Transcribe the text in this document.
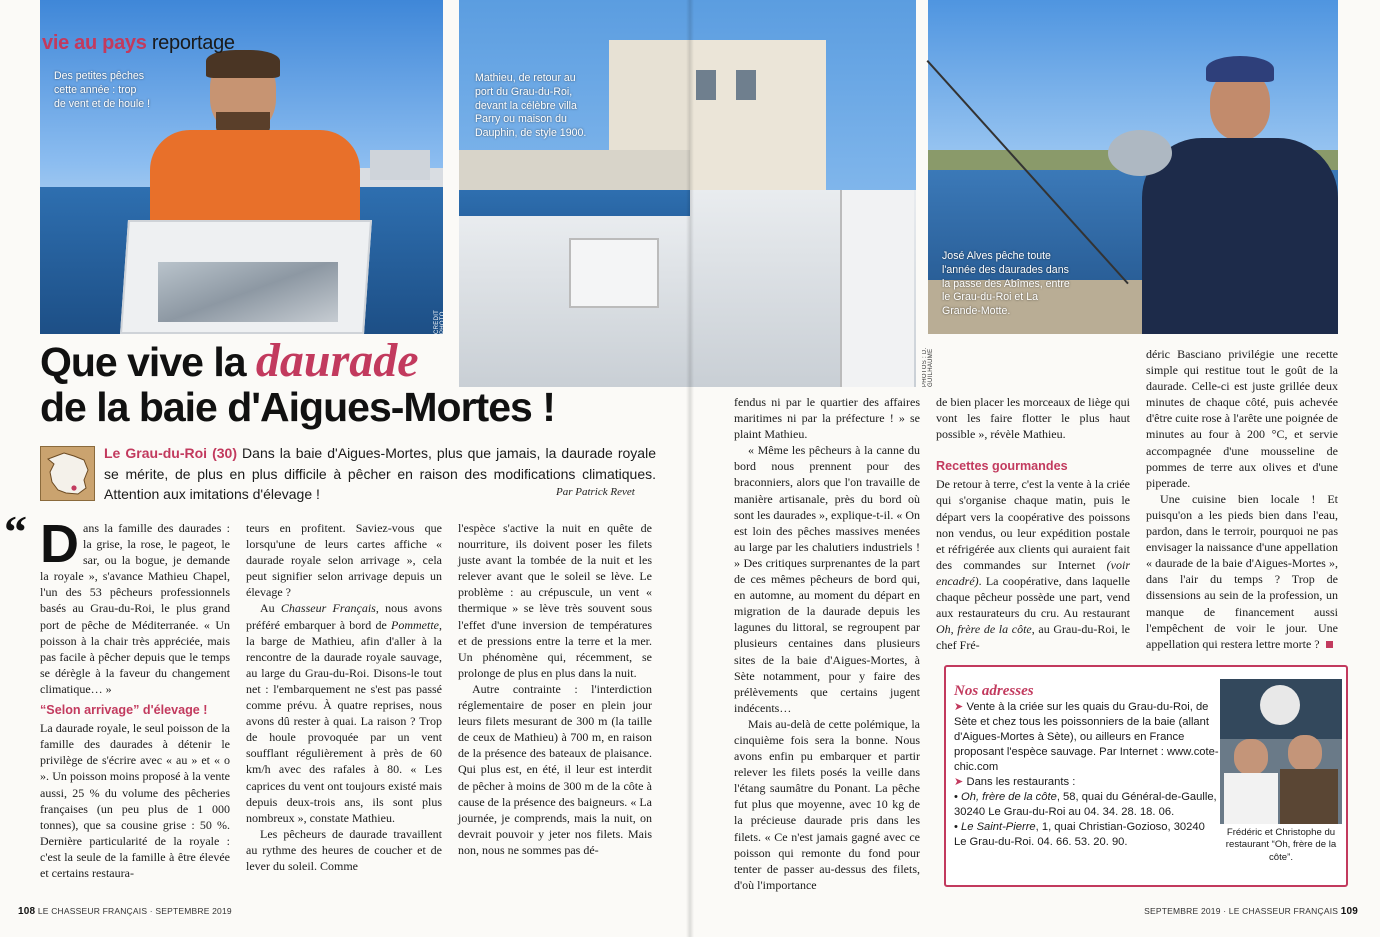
Des petites pêches cette année : trop de vent et de houle !
CRÉDIT PHOTO
Mathieu, de retour au port du Grau-du-Roi, devant la célèbre villa Parry ou maison du Dauphin, de style 1900.
vie au pays reportage
Que vive la daurade
de la baie d'Aigues-Mortes !
Le Grau-du-Roi (30) Dans la baie d'Aigues-Mortes, plus que jamais, la daurade royale se mérite, de plus en plus difficile à pêcher en raison des modifications climatiques. Attention aux imitations d'élevage !	Par Patrick Revet
“ Dans la famille des daurades : la grise, la rose, le pageot, le sar, ou la bogue, je demande la royale », s'avance Mathieu Chapel, l'un des 53 pêcheurs professionnels basés au Grau-du-Roi, le plus grand port de pêche de Méditerranée. « Un poisson à la chair très appréciée, mais pas facile à pêcher depuis que le temps se dérègle à la faveur du changement climatique… »

“Selon arrivage” d'élevage !

La daurade royale, le seul poisson de la famille des daurades à détenir le privilège de s'écrire avec « au » et « o ». Un poisson moins proposé à la vente aussi, 25 % du volume des pêcheries françaises (un peu plus de 1 000 tonnes), que sa cousine grise : 50 %. Dernière particularité de la royale : c'est la seule de la famille à être élevée et certains restaura-

teurs en profitent. Saviez-vous que lorsqu'une de leurs cartes affiche « daurade royale selon arrivage », cela peut signifier selon arrivage depuis un élevage ?

Au Chasseur Français, nous avons préféré embarquer à bord de Pommette, la barge de Mathieu, afin d'aller à la rencontre de la daurade royale sauvage, au large du Grau-du-Roi. Disons-le tout net : l'embarquement ne s'est pas passé comme prévu. À quatre reprises, nous avons dû rester à quai. La raison ? Trop de houle provoquée par un vent soufflant régulièrement à près de 60 km/h avec des rafales à 80. « Les caprices du vent ont toujours existé mais depuis deux-trois ans, ils sont plus nombreux », constate Mathieu.

Les pêcheurs de daurade travaillent au rythme des heures de coucher et de lever du soleil. Comme

l'espèce s'active la nuit en quête de nourriture, ils doivent poser les filets juste avant la tombée de la nuit et les relever avant que le soleil se lève. Le problème : au crépuscule, un vent « thermique » se lève très souvent sous l'effet d'une inversion de températures et de pressions entre la terre et la mer. Un phénomène qui, récemment, se prolonge de plus en plus dans la nuit.

Autre contrainte : l'interdiction réglementaire de poser en plein jour leurs filets mesurant de 300 m (la taille de ceux de Mathieu) à 700 m, en raison de la présence des bateaux de plaisance. Qui plus est, en été, il leur est interdit de pêcher à moins de 300 m de la côte à cause de la présence des baigneurs. « La journée, je comprends, mais la nuit, on devrait pouvoir y jeter nos filets. Mais non, nous ne sommes pas dé-

108 LE CHASSEUR FRANÇAIS · SEPTEMBRE 2019
PHOTOS : D. GUILHAUME
José Alves pêche toute l'année des daurades dans la passe des Abîmes, entre le Grau-du-Roi et La Grande-Motte.

fendus ni par le quartier des affaires maritimes ni par la préfecture ! » se plaint Mathieu.

« Même les pêcheurs à la canne du bord nous prennent pour des braconniers, alors que l'on travaille de manière artisanale, près du bord où sont les daurades », explique-t-il. « On est loin des pêches massives menées au large par les chalutiers industriels ! » Des critiques surprenantes de la part de ces mêmes pêcheurs de bord qui, en automne, au moment du départ en migration de la daurade depuis les lagunes du littoral, se regroupent par plusieurs centaines dans plusieurs sites de la baie d'Aigues-Mortes, à Sète notamment, pour y faire des prélèvements que certains jugent indécents…

Mais au-delà de cette polémique, la cinquième fois sera la bonne. Nous avons enfin pu embarquer et partir relever les filets posés la veille dans l'étang saumâtre du Ponant. La pêche fut plus que moyenne, avec 10 kg de la précieuse daurade pris dans les filets. « Ce n'est jamais gagné avec ce poisson qui remonte du fond pour tenter de passer au-dessus des filets, d'où l'importance

de bien placer les morceaux de liège qui vont les faire flotter le plus haut possible », révèle Mathieu.

Recettes gourmandes

De retour à terre, c'est la vente à la criée qui s'organise chaque matin, puis le départ vers la coopérative des poissons non vendus, ou leur expédition postale et réfrigérée aux clients qui auraient fait des commandes sur Internet (voir encadré). La coopérative, dans laquelle chaque pêcheur possède une part, vend aux restaurateurs du cru. Au restaurant Oh, frère de la côte, au Grau-du-Roi, le chef Fré-

déric Basciano privilégie une recette simple qui restitue tout le goût de la daurade. Celle-ci est juste grillée deux minutes de chaque côté, puis achevée d'être cuite rose à l'arête une poignée de minutes au four à 200 °C, et servie accompagnée d'une mousseline de pommes de terre aux olives et d'une piperade.

Une cuisine bien locale ! Et puisqu'on a les pieds bien dans l'eau, pardon, dans le terroir, pourquoi ne pas envisager la naissance d'une appellation « daurade de la baie d'Aigues-Mortes », dans l'air du temps ? Trop de dissensions au sein de la profession, un manque de financement aussi l'empêchent de voir le jour. Une appellation qui restera lettre morte ?

SEPTEMBRE 2019 · LE CHASSEUR FRANÇAIS 109
Nos adresses
➤ Vente à la criée sur les quais du Grau-du-Roi, de Sète et chez tous les poissonniers de la baie (allant d'Aigues-Mortes à Sète), ou ailleurs en France proposant l'espèce sauvage. Par Internet : www.cote-chic.com
➤ Dans les restaurants :
• Oh, frère de la côte, 58, quai du Général-de-Gaulle, 30240 Le Grau-du-Roi au 04. 34. 28. 18. 06.
• Le Saint-Pierre, 1, quai Christian-Gozioso, 30240 Le Grau-du-Roi. 04. 66. 53. 20. 90.
Frédéric et Christophe du restaurant “Oh, frère de la côte”.
